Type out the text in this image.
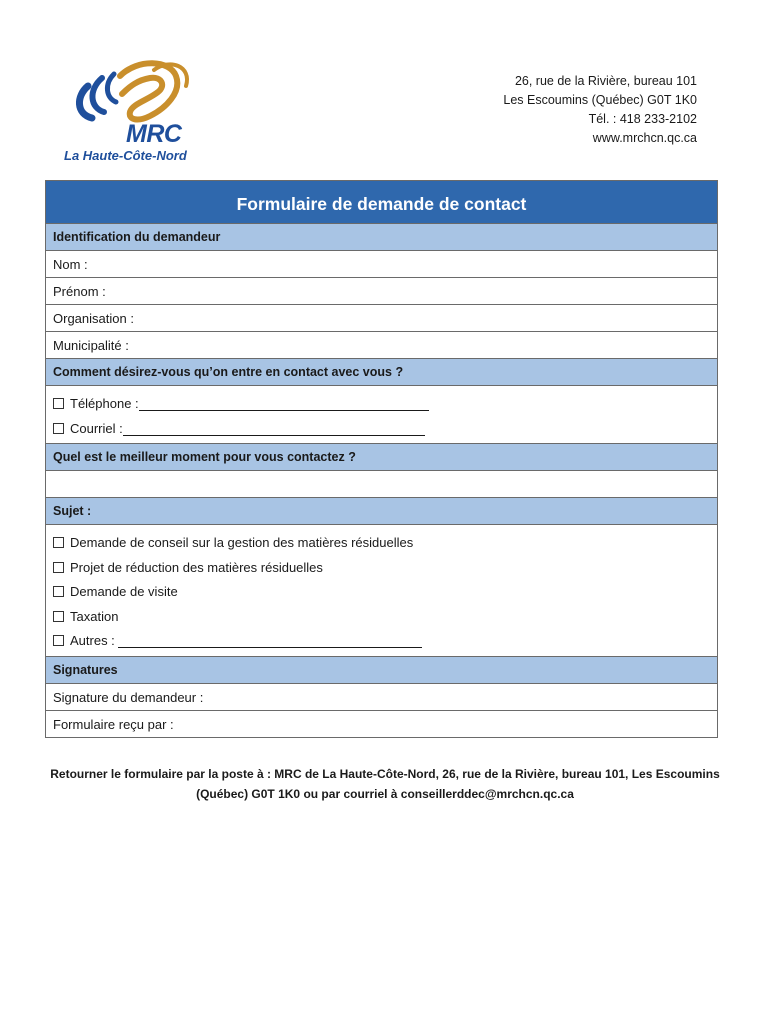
MRC
La Haute-Côte-Nord
26, rue de la Rivière, bureau 101
Les Escoumins (Québec) G0T 1K0
Tél. : 418 233-2102
www.mrchcn.qc.ca
Formulaire de demande de contact
Identification du demandeur
Nom :
Prénom :
Organisation :
Municipalité :
Comment désirez-vous qu’on entre en contact avec vous ?
Téléphone :
Courriel :
Quel est le meilleur moment pour vous contactez ?
Sujet :
Demande de conseil sur la gestion des matières résiduelles
Projet de réduction des matières résiduelles
Demande de visite
Taxation
Autres :
Signatures
Signature du demandeur :
Formulaire reçu par :
Retourner le formulaire par la poste à : MRC de La Haute-Côte-Nord, 26, rue de la Rivière, bureau 101, Les Escoumins
(Québec) G0T 1K0 ou par courriel à conseillerddec@mrchcn.qc.ca
